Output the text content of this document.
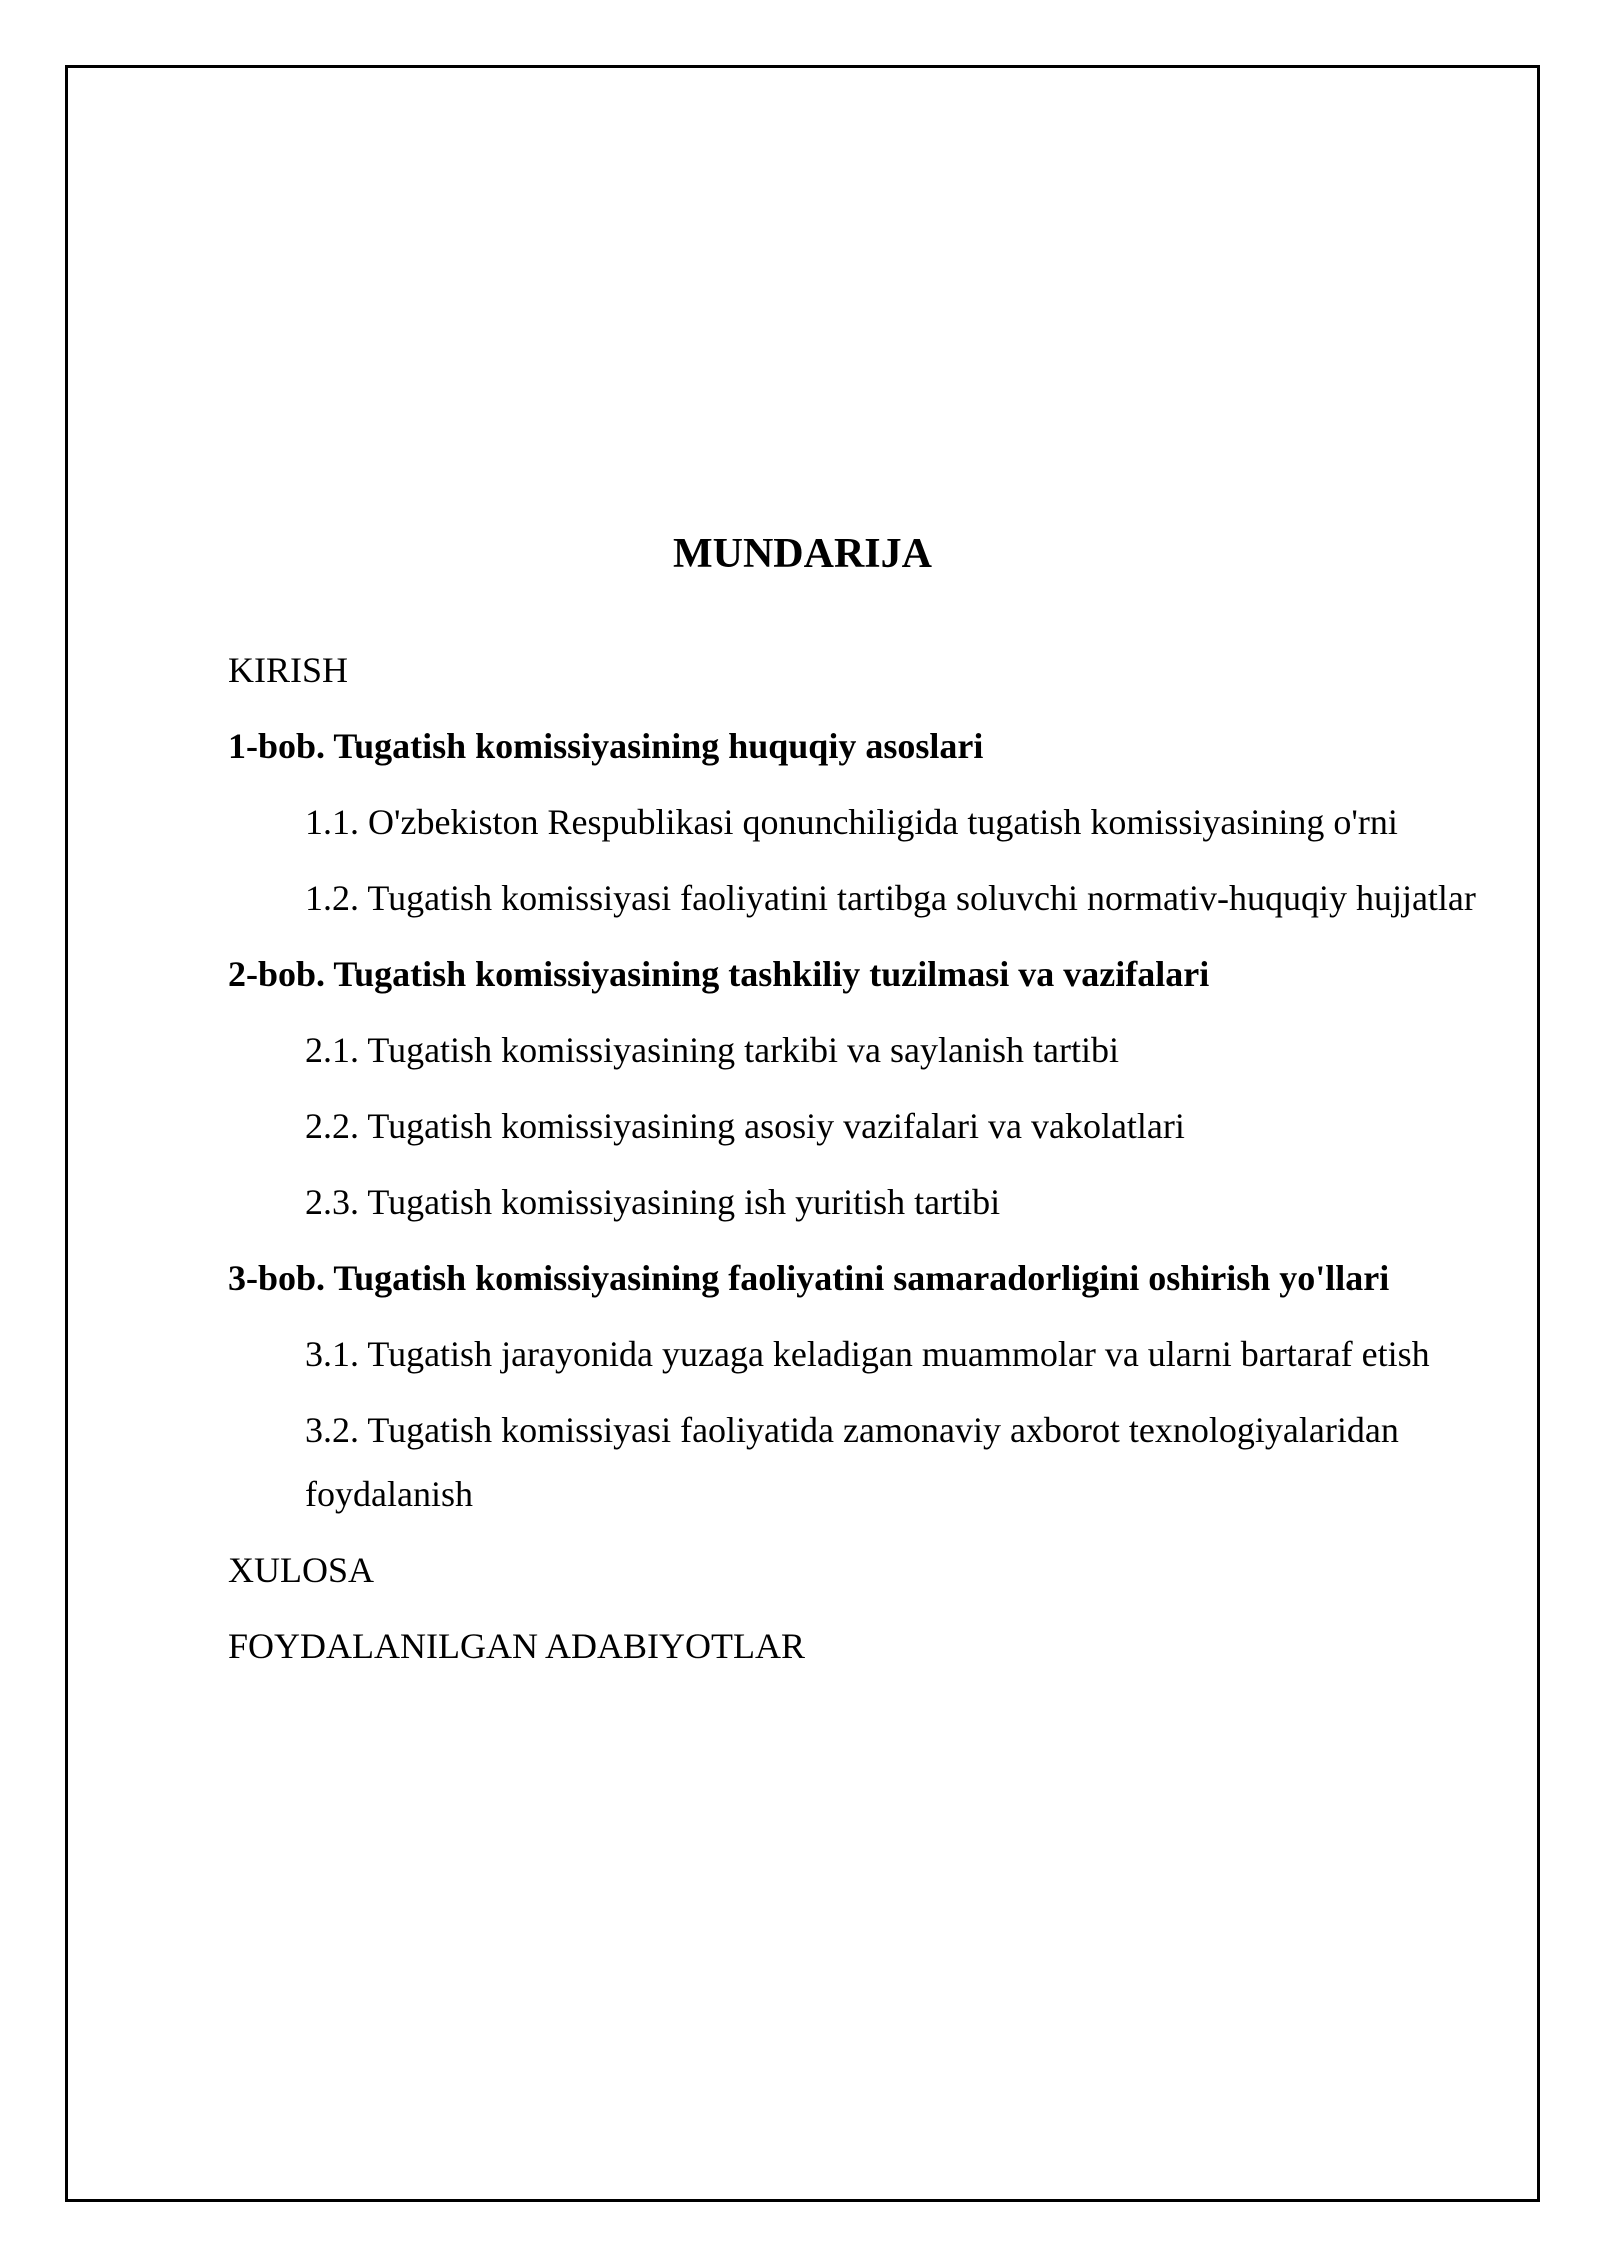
MUNDARIJA

KIRISH

1-bob. Tugatish komissiyasining huquqiy asoslari

1.1. O'zbekiston Respublikasi qonunchiligida tugatish komissiyasining o'rni

1.2. Tugatish komissiyasi faoliyatini tartibga soluvchi normativ-huquqiy hujjatlar

2-bob. Tugatish komissiyasining tashkiliy tuzilmasi va vazifalari

2.1. Tugatish komissiyasining tarkibi va saylanish tartibi

2.2. Tugatish komissiyasining asosiy vazifalari va vakolatlari

2.3. Tugatish komissiyasining ish yuritish tartibi

3-bob. Tugatish komissiyasining faoliyatini samaradorligini oshirish yo'llari

3.1. Tugatish jarayonida yuzaga keladigan muammolar va ularni bartaraf etish

3.2. Tugatish komissiyasi faoliyatida zamonaviy axborot texnologiyalaridan foydalanish

XULOSA

FOYDALANILGAN ADABIYOTLAR
